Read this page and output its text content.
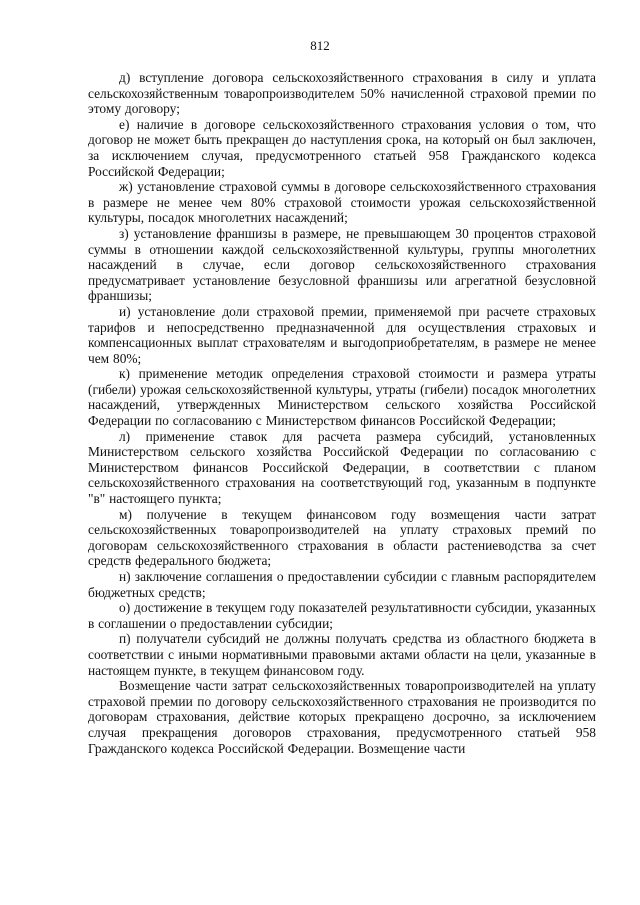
812

д) вступление договора сельскохозяйственного страхования в силу и уплата сельскохозяйственным товаропроизводителем 50% начисленной страховой премии по этому договору;

е) наличие в договоре сельскохозяйственного страхования условия о том, что договор не может быть прекращен до наступления срока, на который он был заключен, за исключением случая, предусмотренного статьей 958 Гражданского кодекса Российской Федерации;

ж) установление страховой суммы в договоре сельскохозяйственного страхования в размере не менее чем 80% страховой стоимости урожая сельскохозяйственной культуры, посадок многолетних насаждений;

з) установление франшизы в размере, не превышающем 30 процентов страховой суммы в отношении каждой сельскохозяйственной культуры, группы многолетних насаждений в случае, если договор сельскохозяйственного страхования предусматривает установление безусловной франшизы или агрегатной безусловной франшизы;

и) установление доли страховой премии, применяемой при расчете страховых тарифов и непосредственно предназначенной для осуществления страховых и компенсационных выплат страхователям и выгодоприобретателям, в размере не менее чем 80%;

к) применение методик определения страховой стоимости и размера утраты (гибели) урожая сельскохозяйственной культуры, утраты (гибели) посадок многолетних насаждений, утвержденных Министерством сельского хозяйства Российской Федерации по согласованию с Министерством финансов Российской Федерации;

л) применение ставок для расчета размера субсидий, установленных Министерством сельского хозяйства Российской Федерации по согласованию с Министерством финансов Российской Федерации, в соответствии с планом сельскохозяйственного страхования на соответствующий год, указанным в подпункте "в" настоящего пункта;

м) получение в текущем финансовом году возмещения части затрат сельскохозяйственных товаропроизводителей на уплату страховых премий по договорам сельскохозяйственного страхования в области растениеводства за счет средств федерального бюджета;

н) заключение соглашения о предоставлении субсидии с главным распорядителем бюджетных средств;

о) достижение в текущем году показателей результативности субсидии, указанных в соглашении о предоставлении субсидии;

п) получатели субсидий не должны получать средства из областного бюджета в соответствии с иными нормативными правовыми актами области на цели, указанные в настоящем пункте, в текущем финансовом году.

Возмещение части затрат сельскохозяйственных товаропроизводителей на уплату страховой премии по договору сельскохозяйственного страхования не производится по договорам страхования, действие которых прекращено досрочно, за исключением случая прекращения договоров страхования, предусмотренного статьей 958 Гражданского кодекса Российской Федерации. Возмещение части
